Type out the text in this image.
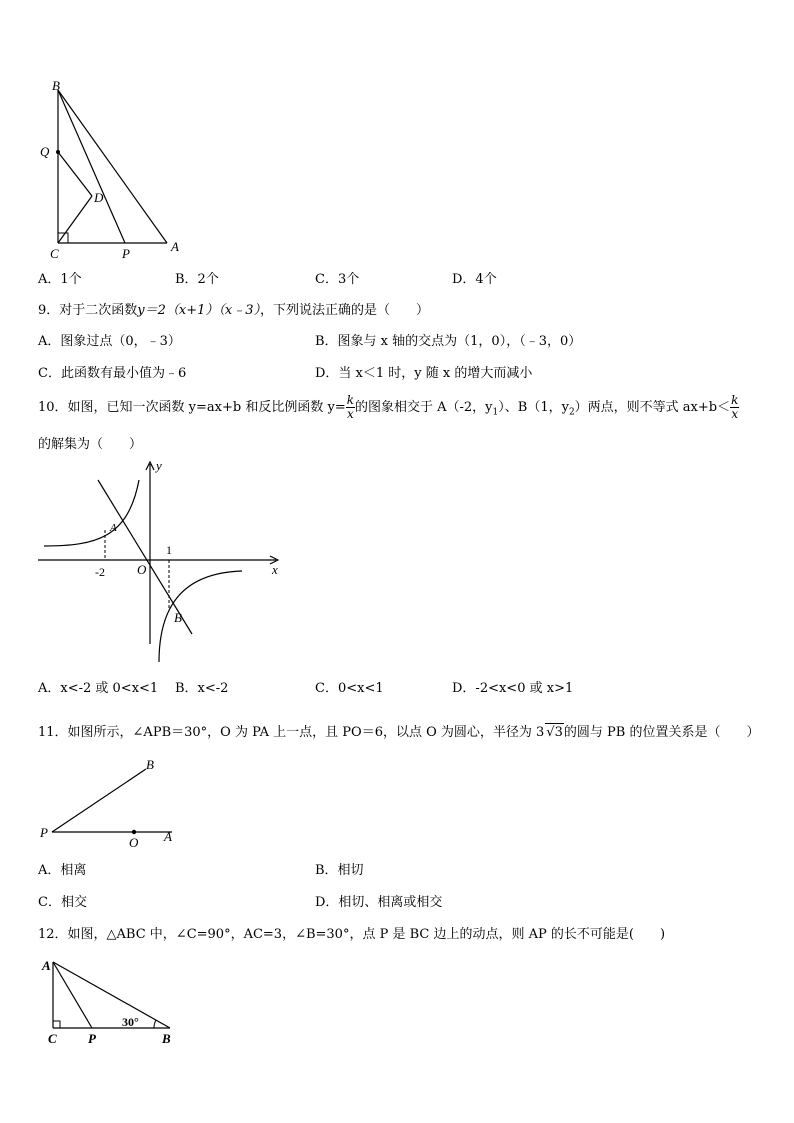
B
Q
D
C	P	A
A．1个	B．2个	C．3个	D．4个
9．对于二次函数y＝2（x+1）（x﹣3），下列说法正确的是（　　）
A．图象过点（0，﹣3）	B．图象与 x 轴的交点为（1，0），（﹣3，0）
C．此函数有最小值为﹣6	D．当 x＜1 时，y 随 x 的增大而减小
10．如图，已知一次函数 y=ax+b 和反比例函数 $y= \frac{k}{x}$ 的图象相交于 A（-2，$y_1$）、B（1，$y_2$）两点，则不等式 $ax+b< \frac{k}{x}$
的解集为（　　）
y
x
O
A
B
-2
1
A．x<-2 或 0<x<1 B．x<-2	C．0<x<1	D．-2<x<0 或 x>1
11．如图所示，∠APB＝30°，O 为 PA 上一点，且 PO＝6，以点 O 为圆心，半径为 3 √3的圆与 PB 的位置关系是（　　）
B
P
O A
A．相离	B．相切
C．相交	D．相切、相离或相交
12．如图，△ABC 中，∠C=90°，AC=3，∠B=30°，点 P 是 BC 边上的动点，则 AP 的长不可能是(　　)
A
C P	B
30°
